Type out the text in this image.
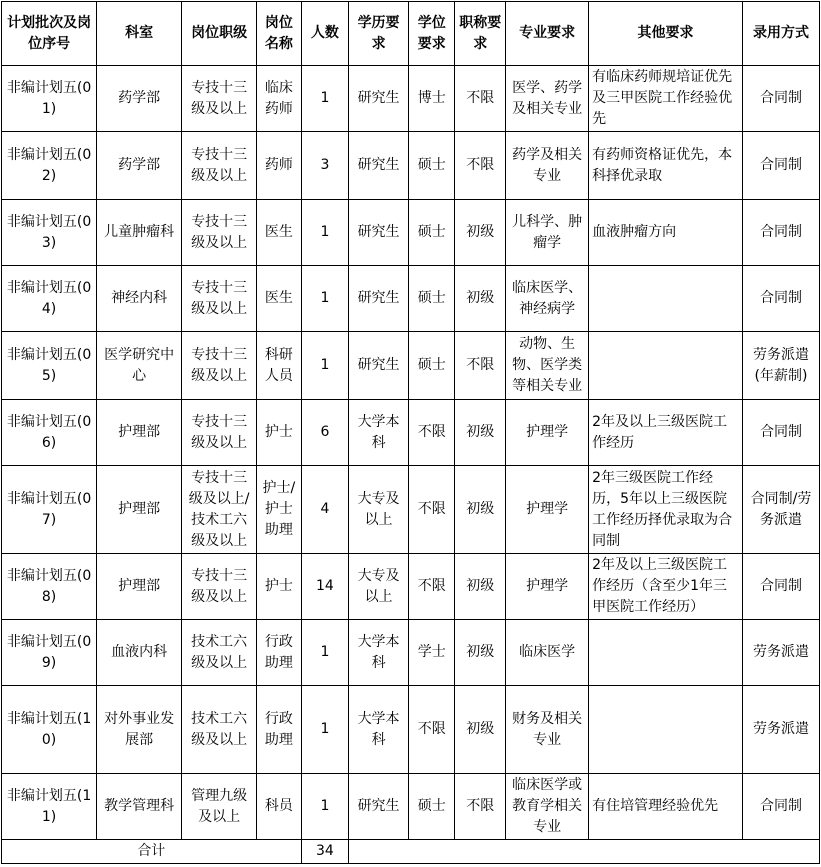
计划批次及岗位序号	科室	岗位职级	岗位名称	人数	学历要求	学位要求	职称要求	专业要求	其他要求	录用方式
非编计划五(01)	药学部	专技十三级及以上	临床药师	1	研究生	博士	不限	医学、药学及相关专业	有临床药师规培证优先及三甲医院工作经验优先	合同制
非编计划五(02)	药学部	专技十三级及以上	药师	3	研究生	硕士	不限	药学及相关专业	有药师资格证优先，本科择优录取	合同制
非编计划五(03)	儿童肿瘤科	专技十三级及以上	医生	1	研究生	硕士	初级	儿科学、肿瘤学	血液肿瘤方向	合同制
非编计划五(04)	神经内科	专技十三级及以上	医生	1	研究生	硕士	初级	临床医学、神经病学		合同制
非编计划五(05)	医学研究中心	专技十三级及以上	科研人员	1	研究生	硕士	不限	动物、生物、医学类等相关专业		劳务派遣(年薪制)
非编计划五(06)	护理部	专技十三级及以上	护士	6	大学本科	不限	初级	护理学	2年及以上三级医院工作经历	合同制
非编计划五(07)	护理部	专技十三级及以上/技术工六级及以上	护士/护士助理	4	大专及以上	不限	初级	护理学	2年三级医院工作经历，5年以上三级医院工作经历择优录取为合同制	合同制/劳务派遣
非编计划五(08)	护理部	专技十三级及以上	护士	14	大专及以上	不限	初级	护理学	2年及以上三级医院工作经历（含至少1年三甲医院工作经历）	合同制
非编计划五(09)	血液内科	技术工六级及以上	行政助理	1	大学本科	学士	初级	临床医学		劳务派遣
非编计划五(10)	对外事业发展部	技术工六级及以上	行政助理	1	大学本科	不限	初级	财务及相关专业		劳务派遣
非编计划五(11)	教学管理科	管理九级及以上	科员	1	研究生	硕士	不限	临床医学或教育学相关专业	有住培管理经验优先	合同制
合计				34						
